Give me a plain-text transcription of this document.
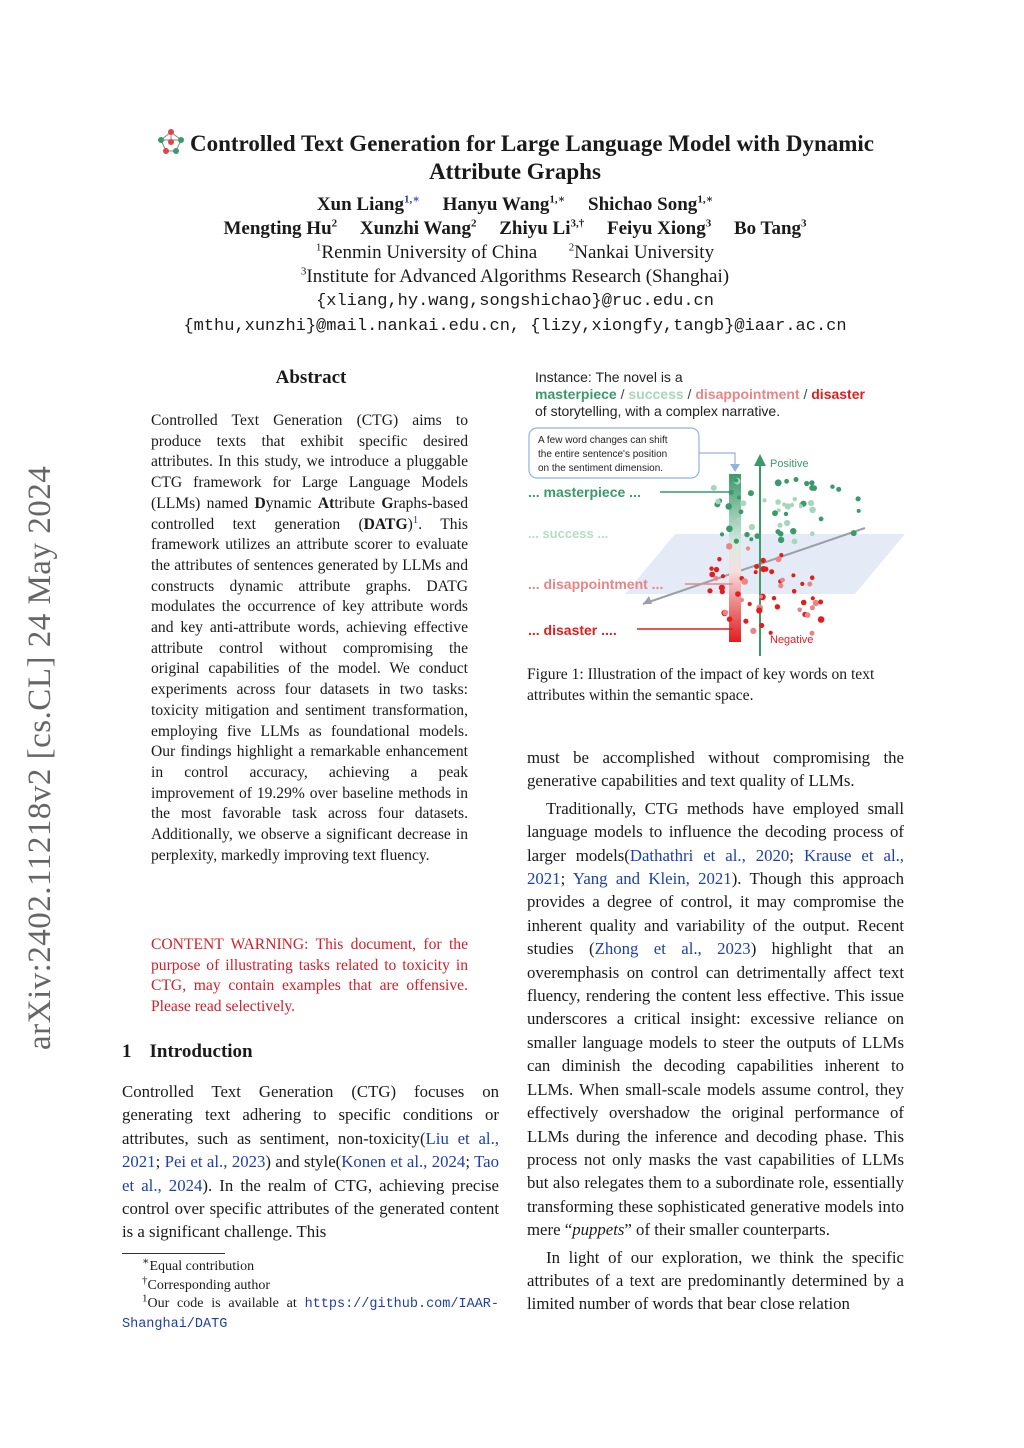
arXiv:2402.11218v2 [cs.CL] 24 May 2024
Controlled Text Generation for Large Language Model with Dynamic
Attribute Graphs
Xun Liang$^{1,∗}$ Hanyu Wang$^{1,∗}$ Shichao Song$^{1,∗}$
Mengting Hu$^2$ Xunzhi Wang$^2$ Zhiyu $Li^{3,\dagger}$ Feiyu Xiong$^3$ Bo Tang$^3$
$^1$Renmin University of China	$^2$Nankai University
$^3$Institute for Advanced Algorithms Research (Shanghai)
{xliang,hy.wang,songshichao}@ruc.edu.cn
{mthu,xunzhi}@mail.nankai.edu.cn, {lizy,xiongfy,tangb}@iaar.ac.cn
Abstract
Controlled Text Generation (CTG) aims to produce texts that exhibit specific desired attributes. In this study, we introduce a pluggable CTG framework for Large Language Models (LLMs) named Dynamic Attribute Graphs-based controlled text generation (DATG)$^1$. This framework utilizes an attribute scorer to evaluate the attributes of sentences generated by LLMs and constructs dynamic attribute graphs. DATG modulates the occurrence of key attribute words and key anti-attribute words, achieving effective attribute control without compromising the original capabilities of the model. We conduct experiments across four datasets in two tasks: toxicity mitigation and sentiment transformation, employing five LLMs as foundational models. Our findings highlight a remarkable enhancement in control accuracy, achieving a peak improvement of 19.29% over baseline methods in the most favorable task across four datasets. Additionally, we observe a significant decrease in perplexity, markedly improving text fluency.
CONTENT WARNING: This document, for the purpose of illustrating tasks related to toxicity in CTG, may contain examples that are offensive. Please read selectively.
1 Introduction
Controlled Text Generation (CTG) focuses on generating text adhering to specific conditions or attributes, such as sentiment, non-toxicity(Liu et al., 2021; Pei et al., 2023) and style(Konen et al., 2024; Tao et al., 2024). In the realm of CTG, achieving precise control over specific attributes of the generated content is a significant challenge. This
∗Equal contribution
†Corresponding author
$^1$Our code is available at https://github.com/IAAR-Shanghai/DATG
Instance: The novel is a
masterpiece / success / disappointment / disaster
of storytelling, with a complex narrative.
A few word changes can shift
the entire sentence's position
on the sentiment dimension.	Positive
Negative
... masterpiece ...
... success ...
... disappointment ...
... disaster ....
Figure 1: Illustration of the impact of key words on text attributes within the semantic space.

must be accomplished without compromising the generative capabilities and text quality of LLMs.

Traditionally, CTG methods have employed small language models to influence the decoding process of larger models(Dathathri et al., 2020; Krause et al., 2021; Yang and Klein, 2021). Though this approach provides a degree of control, it may compromise the inherent quality and variability of the output. Recent studies (Zhong et al., 2023) highlight that an overemphasis on control can detrimentally affect text fluency, rendering the content less effective. This issue underscores a critical insight: excessive reliance on smaller language models to steer the outputs of LLMs can diminish the decoding capabilities inherent to LLMs. When small-scale models assume control, they effectively overshadow the original performance of LLMs during the inference and decoding phase. This process not only masks the vast capabilities of LLMs but also relegates them to a subordinate role, essentially transforming these sophisticated generative models into mere “puppets” of their smaller counterparts.

In light of our exploration, we think the specific attributes of a text are predominantly determined by a limited number of words that bear close relation
